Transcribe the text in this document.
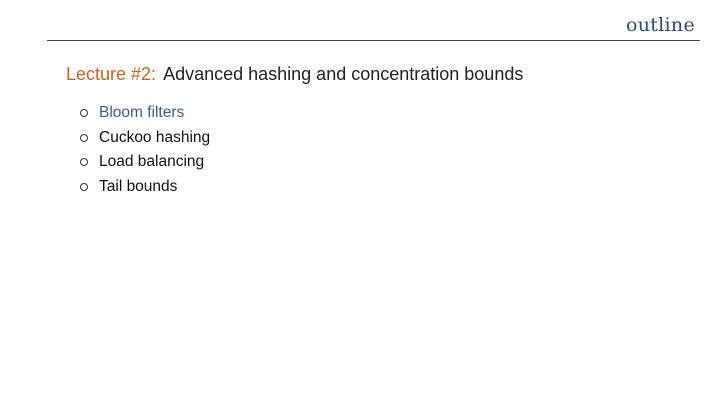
outline
Lecture #2: Advanced hashing and concentration bounds
Bloom filters
Cuckoo hashing
Load balancing
Tail bounds
